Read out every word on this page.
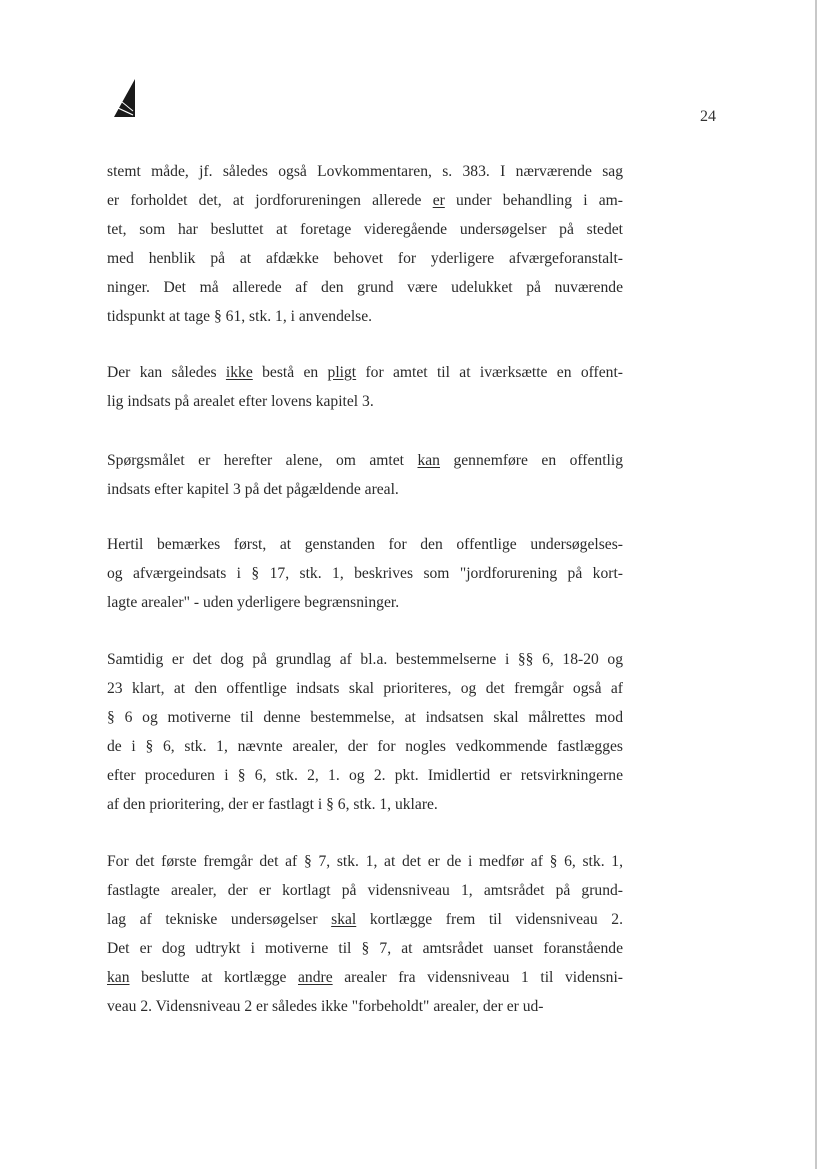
24
stemt måde, jf. således også Lovkommentaren, s. 383. I nærværende sag
er forholdet det, at jordforureningen allerede er under behandling i am-
tet, som har besluttet at foretage videregående undersøgelser på stedet
med henblik på at afdække behovet for yderligere afværgeforanstalt-
ninger. Det må allerede af den grund være udelukket på nuværende
tidspunkt at tage § 61, stk. 1, i anvendelse.
Der kan således ikke bestå en pligt for amtet til at iværksætte en offent-
lig indsats på arealet efter lovens kapitel 3.
Spørgsmålet er herefter alene, om amtet kan gennemføre en offentlig
indsats efter kapitel 3 på det pågældende areal.
Hertil bemærkes først, at genstanden for den offentlige undersøgelses-
og afværgeindsats i § 17, stk. 1, beskrives som "jordforurening på kort-
lagte arealer" - uden yderligere begrænsninger.
Samtidig er det dog på grundlag af bl.a. bestemmelserne i §§ 6, 18-20 og
23 klart, at den offentlige indsats skal prioriteres, og det fremgår også af
§ 6 og motiverne til denne bestemmelse, at indsatsen skal målrettes mod
de i § 6, stk. 1, nævnte arealer, der for nogles vedkommende fastlægges
efter proceduren i § 6, stk. 2, 1. og 2. pkt. Imidlertid er retsvirkningerne
af den prioritering, der er fastlagt i § 6, stk. 1, uklare.
For det første fremgår det af § 7, stk. 1, at det er de i medfør af § 6, stk. 1,
fastlagte arealer, der er kortlagt på vidensniveau 1, amtsrådet på grund-
lag af tekniske undersøgelser skal kortlægge frem til vidensniveau 2.
Det er dog udtrykt i motiverne til § 7, at amtsrådet uanset foranstående
kan beslutte at kortlægge andre arealer fra vidensniveau 1 til vidensni-
veau 2. Vidensniveau 2 er således ikke "forbeholdt" arealer, der er ud-
